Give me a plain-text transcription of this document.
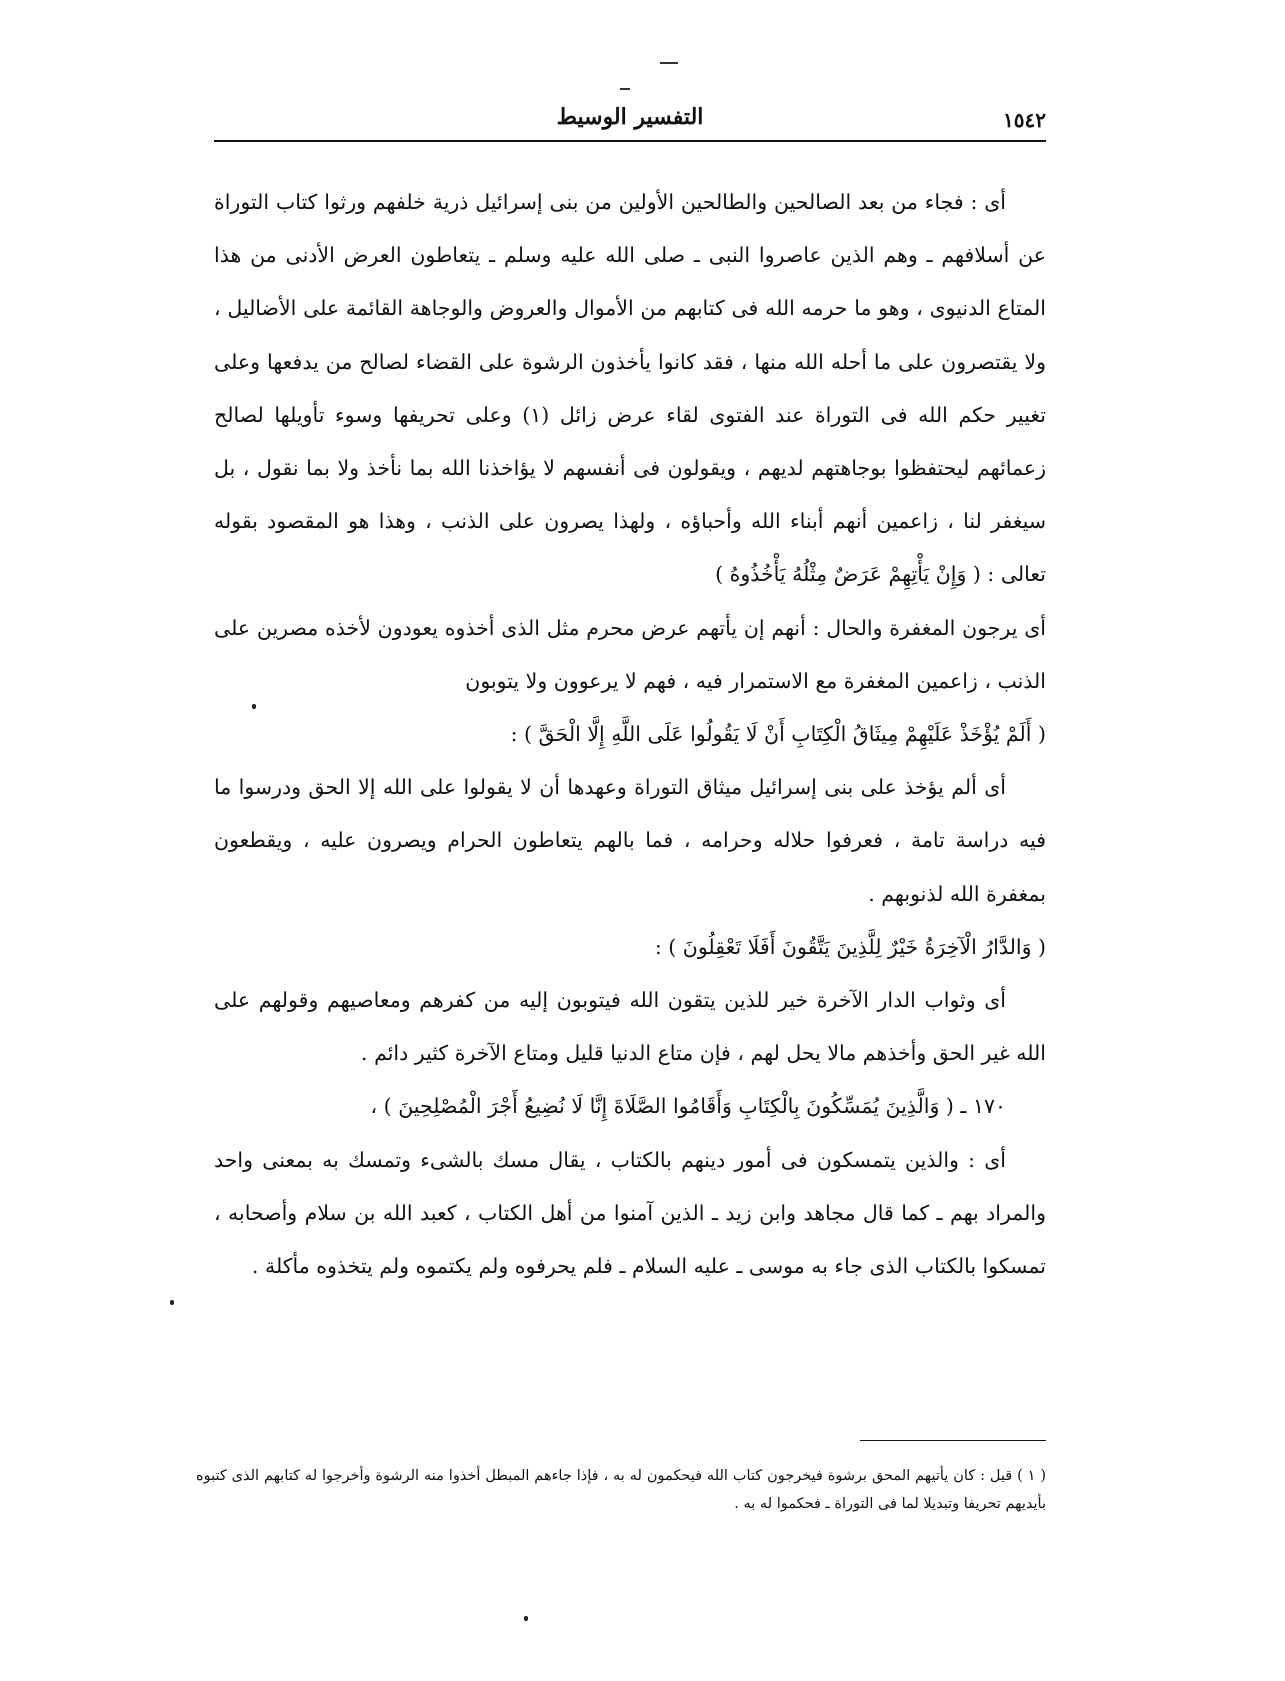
التفسير الوسيط	١٥٤٢

أى : فجاء من بعد الصالحين والطالحين الأولين من بنى إسرائيل ذرية خلفهم ورثوا كتاب التوراة عن أسلافهم ـ وهم الذين عاصروا النبى ـ صلى الله عليه وسلم ـ يتعاطون العرض الأدنى من هذا المتاع الدنيوى ، وهو ما حرمه الله فى كتابهم من الأموال والعروض والوجاهة القائمة على الأضاليل ، ولا يقتصرون على ما أحله الله منها ، فقد كانوا يأخذون الرشوة على القضاء لصالح من يدفعها وعلى تغيير حكم الله فى التوراة عند الفتوى لقاء عرض زائل (١) وعلى تحريفها وسوء تأويلها لصالح زعمائهم ليحتفظوا بوجاهتهم لديهم ، ويقولون فى أنفسهم لا يؤاخذنا الله بما نأخذ ولا بما نقول ، بل سيغفر لنا ، زاعمين أنهم أبناء الله وأحباؤه ، ولهذا يصرون على الذنب ، وهذا هو المقصود بقوله تعالى : ( وَإِنْ يَأْتِهِمْ عَرَضٌ مِثْلُهُ يَأْخُذُوهُ )

أى يرجون المغفرة والحال : أنهم إن يأتهم عرض محرم مثل الذى أخذوه يعودون لأخذه مصرين على الذنب ، زاعمين المغفرة مع الاستمرار فيه ، فهم لا يرعوون ولا يتوبون

( أَلَمْ يُؤْخَذْ عَلَيْهِمْ مِيثَاقُ الْكِتَابِ أَنْ لَا يَقُولُوا عَلَى اللَّهِ إِلَّا الْحَقَّ ) :

أى ألم يؤخذ على بنى إسرائيل ميثاق التوراة وعهدها أن لا يقولوا على الله إلا الحق ودرسوا ما فيه دراسة تامة ، فعرفوا حلاله وحرامه ، فما بالهم يتعاطون الحرام ويصرون عليه ، ويقطعون بمغفرة الله لذنوبهم .

( وَالدَّارُ الْآخِرَةُ خَيْرٌ لِلَّذِينَ يَتَّقُونَ أَفَلَا تَعْقِلُونَ ) :

أى وثواب الدار الآخرة خير للذين يتقون الله فيتوبون إليه من كفرهم ومعاصيهم وقولهم على الله غير الحق وأخذهم مالا يحل لهم ، فإن متاع الدنيا قليل ومتاع الآخرة كثير دائم .

١٧٠ ـ ( وَالَّذِينَ يُمَسِّكُونَ بِالْكِتَابِ وَأَقَامُوا الصَّلَاةَ إِنَّا لَا نُضِيعُ أَجْرَ الْمُصْلِحِينَ ) ،

أى : والذين يتمسكون فى أمور دينهم بالكتاب ، يقال مسك بالشىء وتمسك به بمعنى واحد والمراد بهم ـ كما قال مجاهد وابن زيد ـ الذين آمنوا من أهل الكتاب ، كعبد الله بن سلام وأصحابه ، تمسكوا بالكتاب الذى جاء به موسى ـ عليه السلام ـ فلم يحرفوه ولم يكتموه ولم يتخذوه مأكلة .

( ١ ) قيل : كان يأتيهم المحق برشوة فيخرجون كتاب الله فيحكمون له به ، فإذا جاءهم المبطل أخذوا منه الرشوة وأخرجوا له كتابهم الذى كتبوه بأيديهم تحريفا وتبديلا لما فى التوراة ـ فحكموا له به .
